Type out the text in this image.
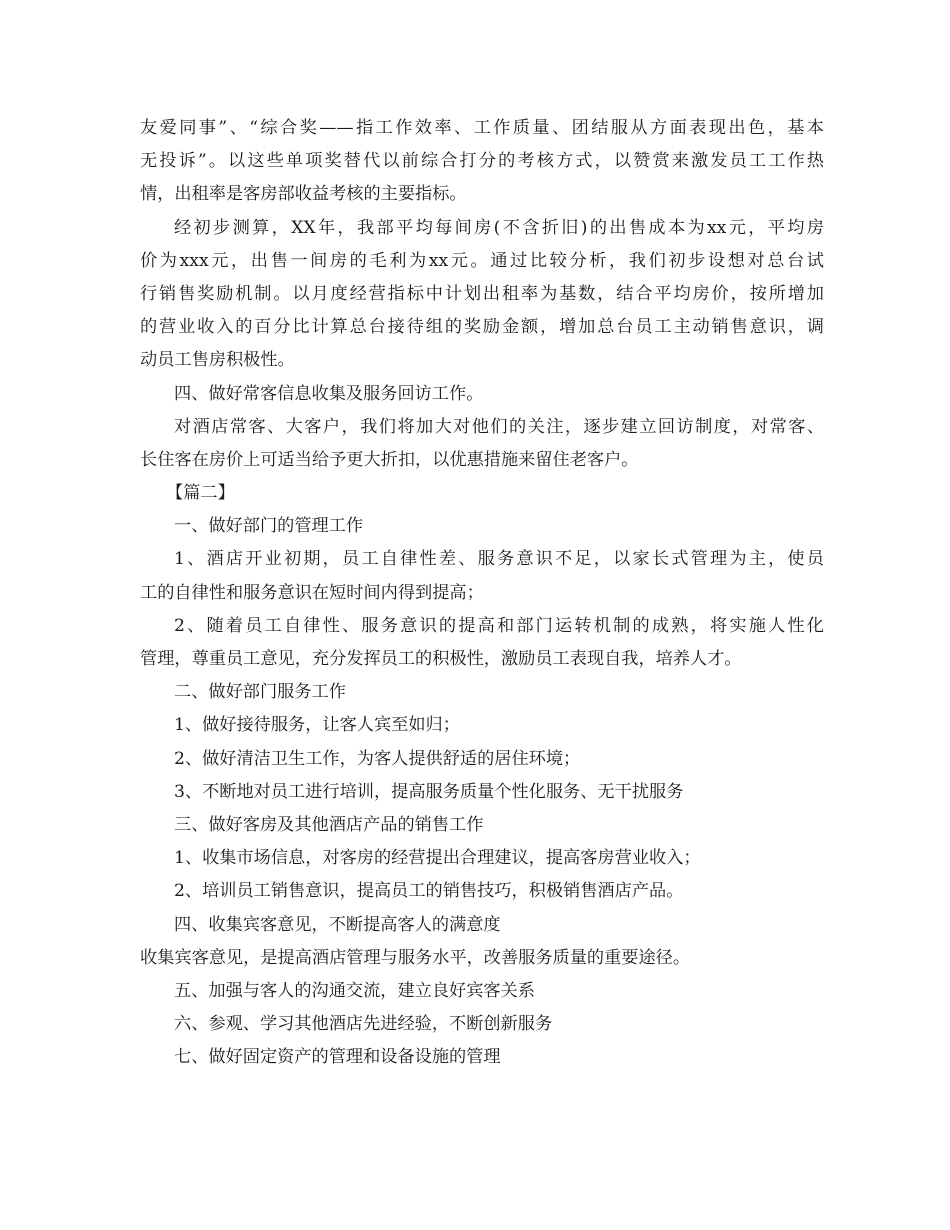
友爱同事”、“综合奖——指工作效率、工作质量、团结服从方面表现出色，基本
无投诉”。以这些单项奖替代以前综合打分的考核方式，以赞赏来激发员工工作热
情，出租率是客房部收益考核的主要指标。
经初步测算，XX年，我部平均每间房(不含折旧)的出售成本为xx元，平均房
价为xxx元，出售一间房的毛利为xx元。通过比较分析，我们初步设想对总台试
行销售奖励机制。以月度经营指标中计划出租率为基数，结合平均房价，按所增加
的营业收入的百分比计算总台接待组的奖励金额，增加总台员工主动销售意识，调
动员工售房积极性。
四、做好常客信息收集及服务回访工作。
对酒店常客、大客户，我们将加大对他们的关注，逐步建立回访制度，对常客、
长住客在房价上可适当给予更大折扣，以优惠措施来留住老客户。
【篇二】
一、做好部门的管理工作
1、酒店开业初期，员工自律性差、服务意识不足，以家长式管理为主，使员
工的自律性和服务意识在短时间内得到提高；
2、随着员工自律性、服务意识的提高和部门运转机制的成熟，将实施人性化
管理，尊重员工意见，充分发挥员工的积极性，激励员工表现自我，培养人才。
二、做好部门服务工作
1、做好接待服务，让客人宾至如归；
2、做好清洁卫生工作，为客人提供舒适的居住环境；
3、不断地对员工进行培训，提高服务质量个性化服务、无干扰服务
三、做好客房及其他酒店产品的销售工作
1、收集市场信息，对客房的经营提出合理建议，提高客房营业收入；
2、培训员工销售意识，提高员工的销售技巧，积极销售酒店产品。
四、收集宾客意见，不断提高客人的满意度
收集宾客意见，是提高酒店管理与服务水平，改善服务质量的重要途径。
五、加强与客人的沟通交流，建立良好宾客关系
六、参观、学习其他酒店先进经验，不断创新服务
七、做好固定资产的管理和设备设施的管理
